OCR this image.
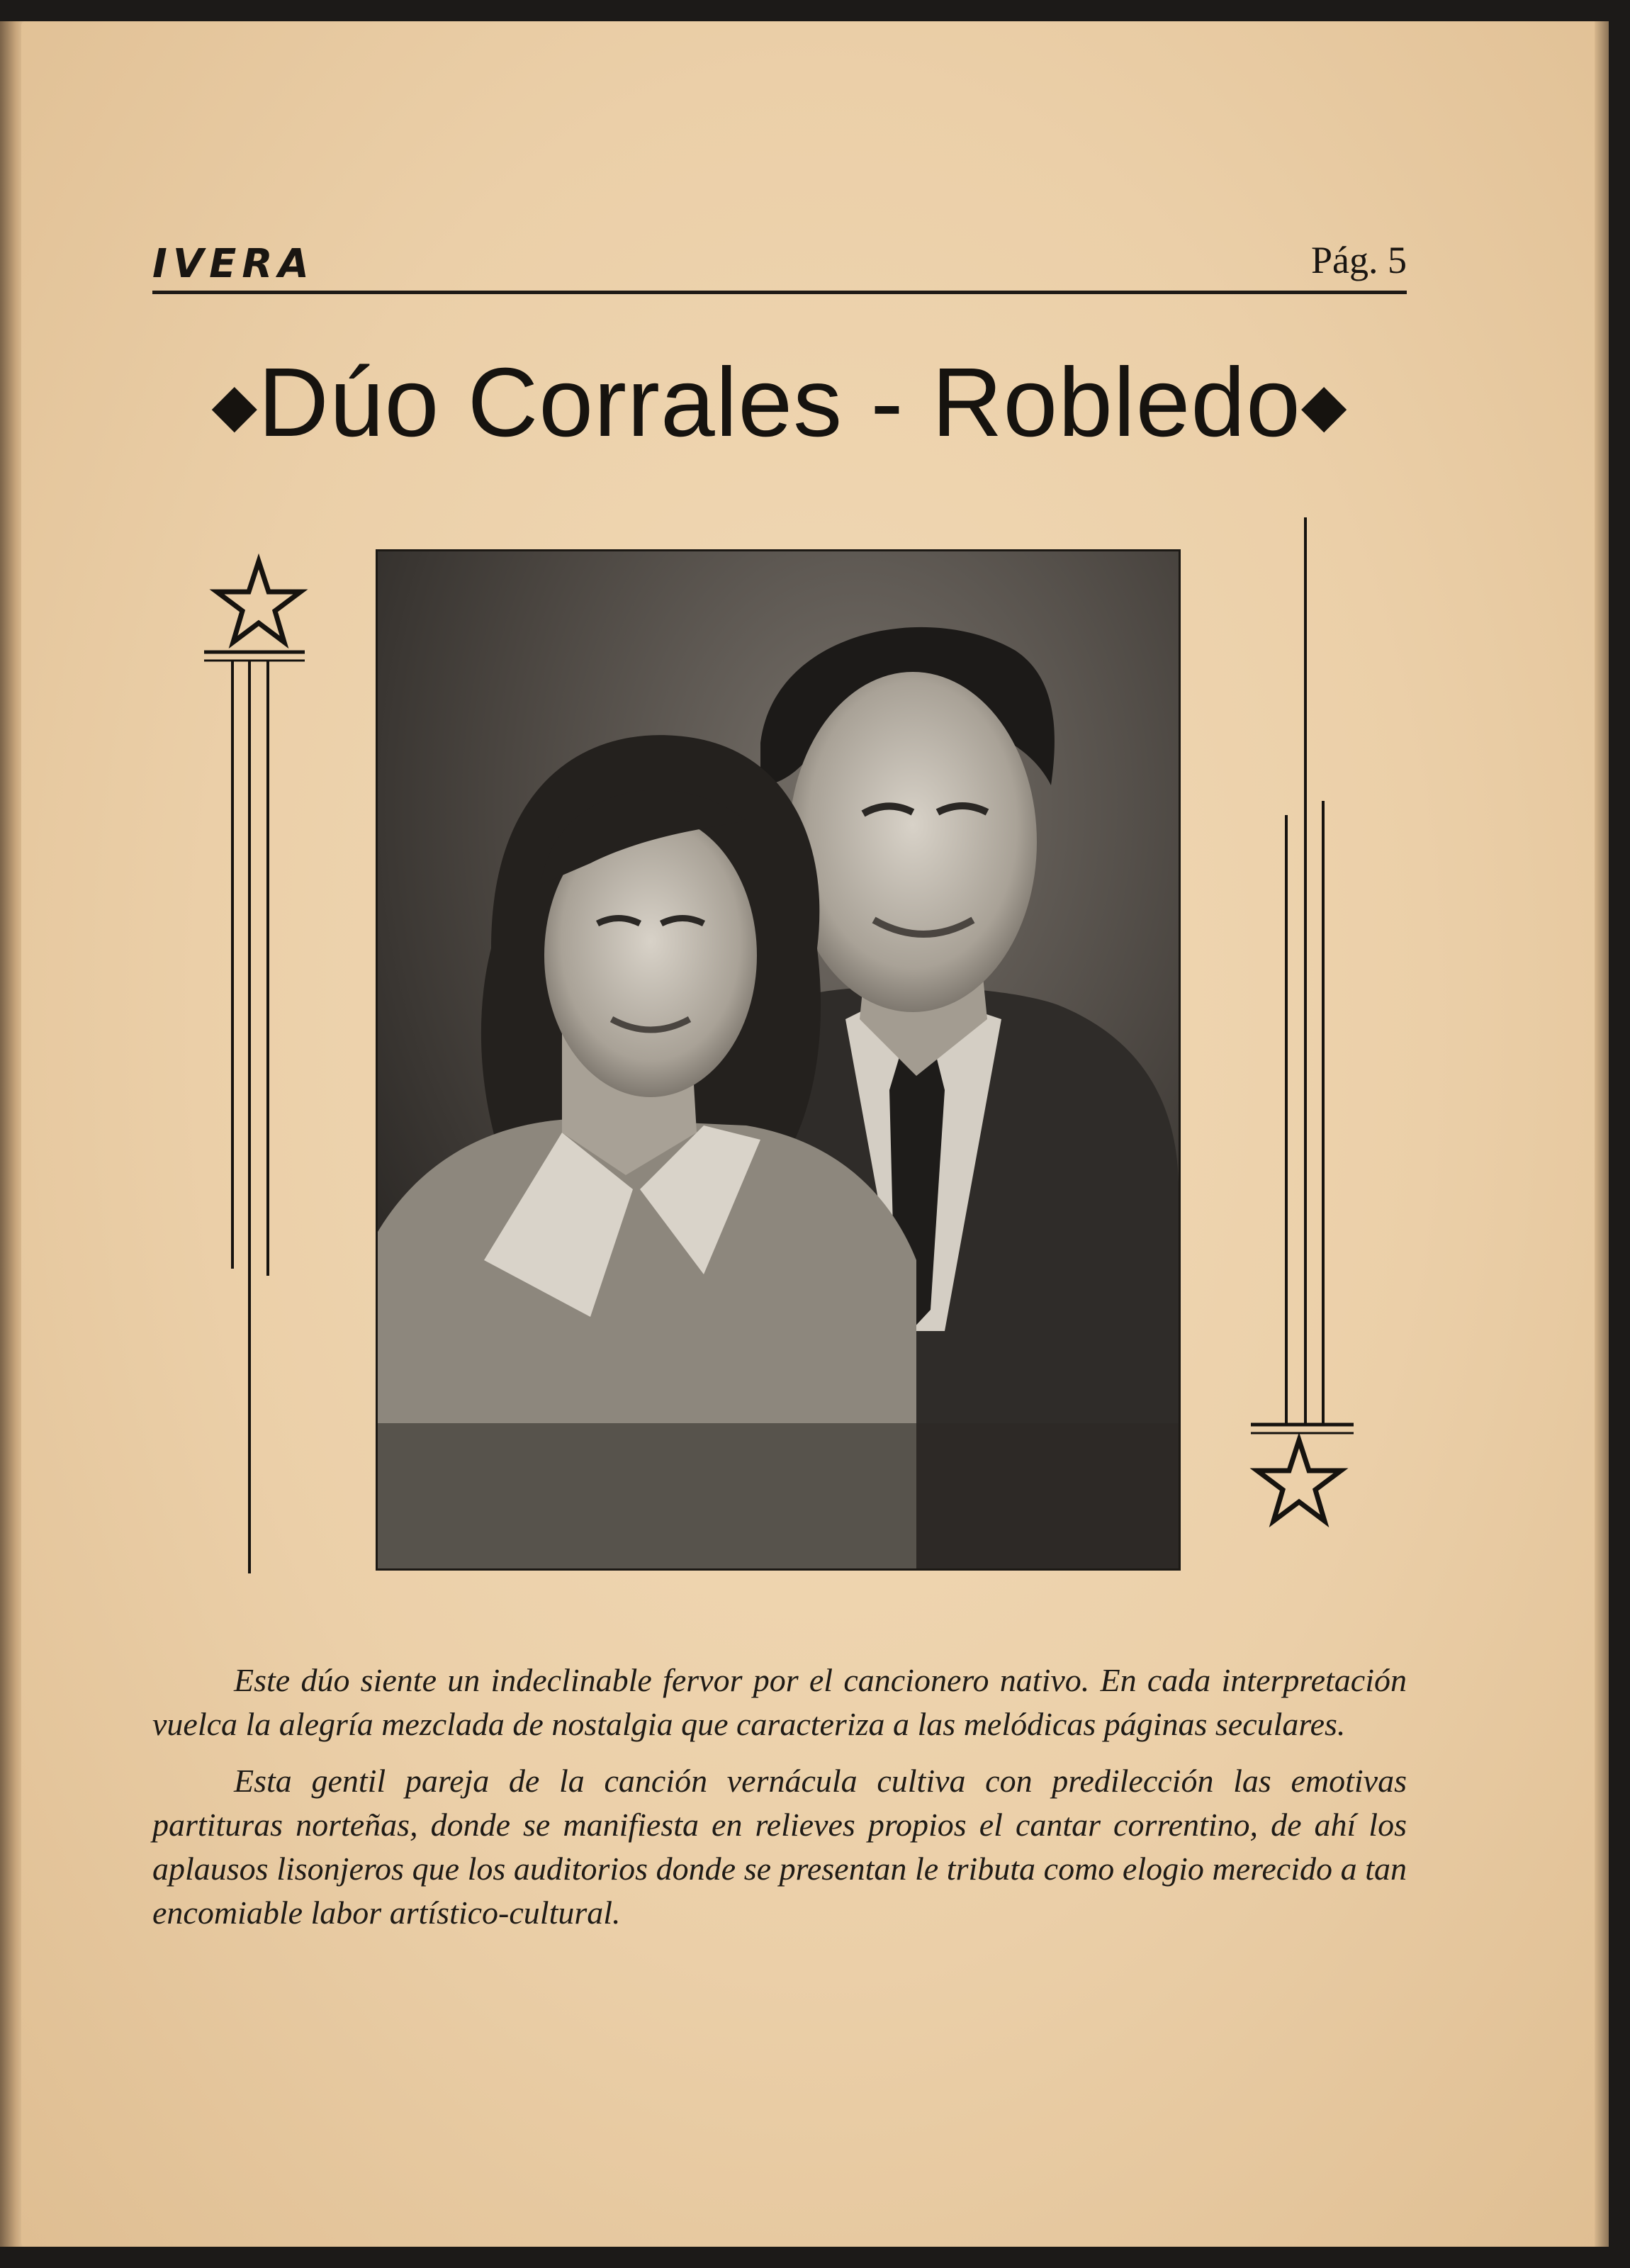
IVERA	Pág. 5
◆Dúo Corrales - Robledo◆

Este dúo siente un indeclinable fervor por el cancionero nativo. En cada interpretación vuelca la alegría mezclada de nostalgia que caracteriza a las melódicas páginas seculares.

Esta gentil pareja de la canción vernácula cultiva con predilección las emotivas partituras norteñas, donde se manifiesta en relieves propios el cantar correntino, de ahí los aplausos lisonjeros que los auditorios donde se presentan le tributa como elogio merecido a tan encomiable labor artístico-cultural.
